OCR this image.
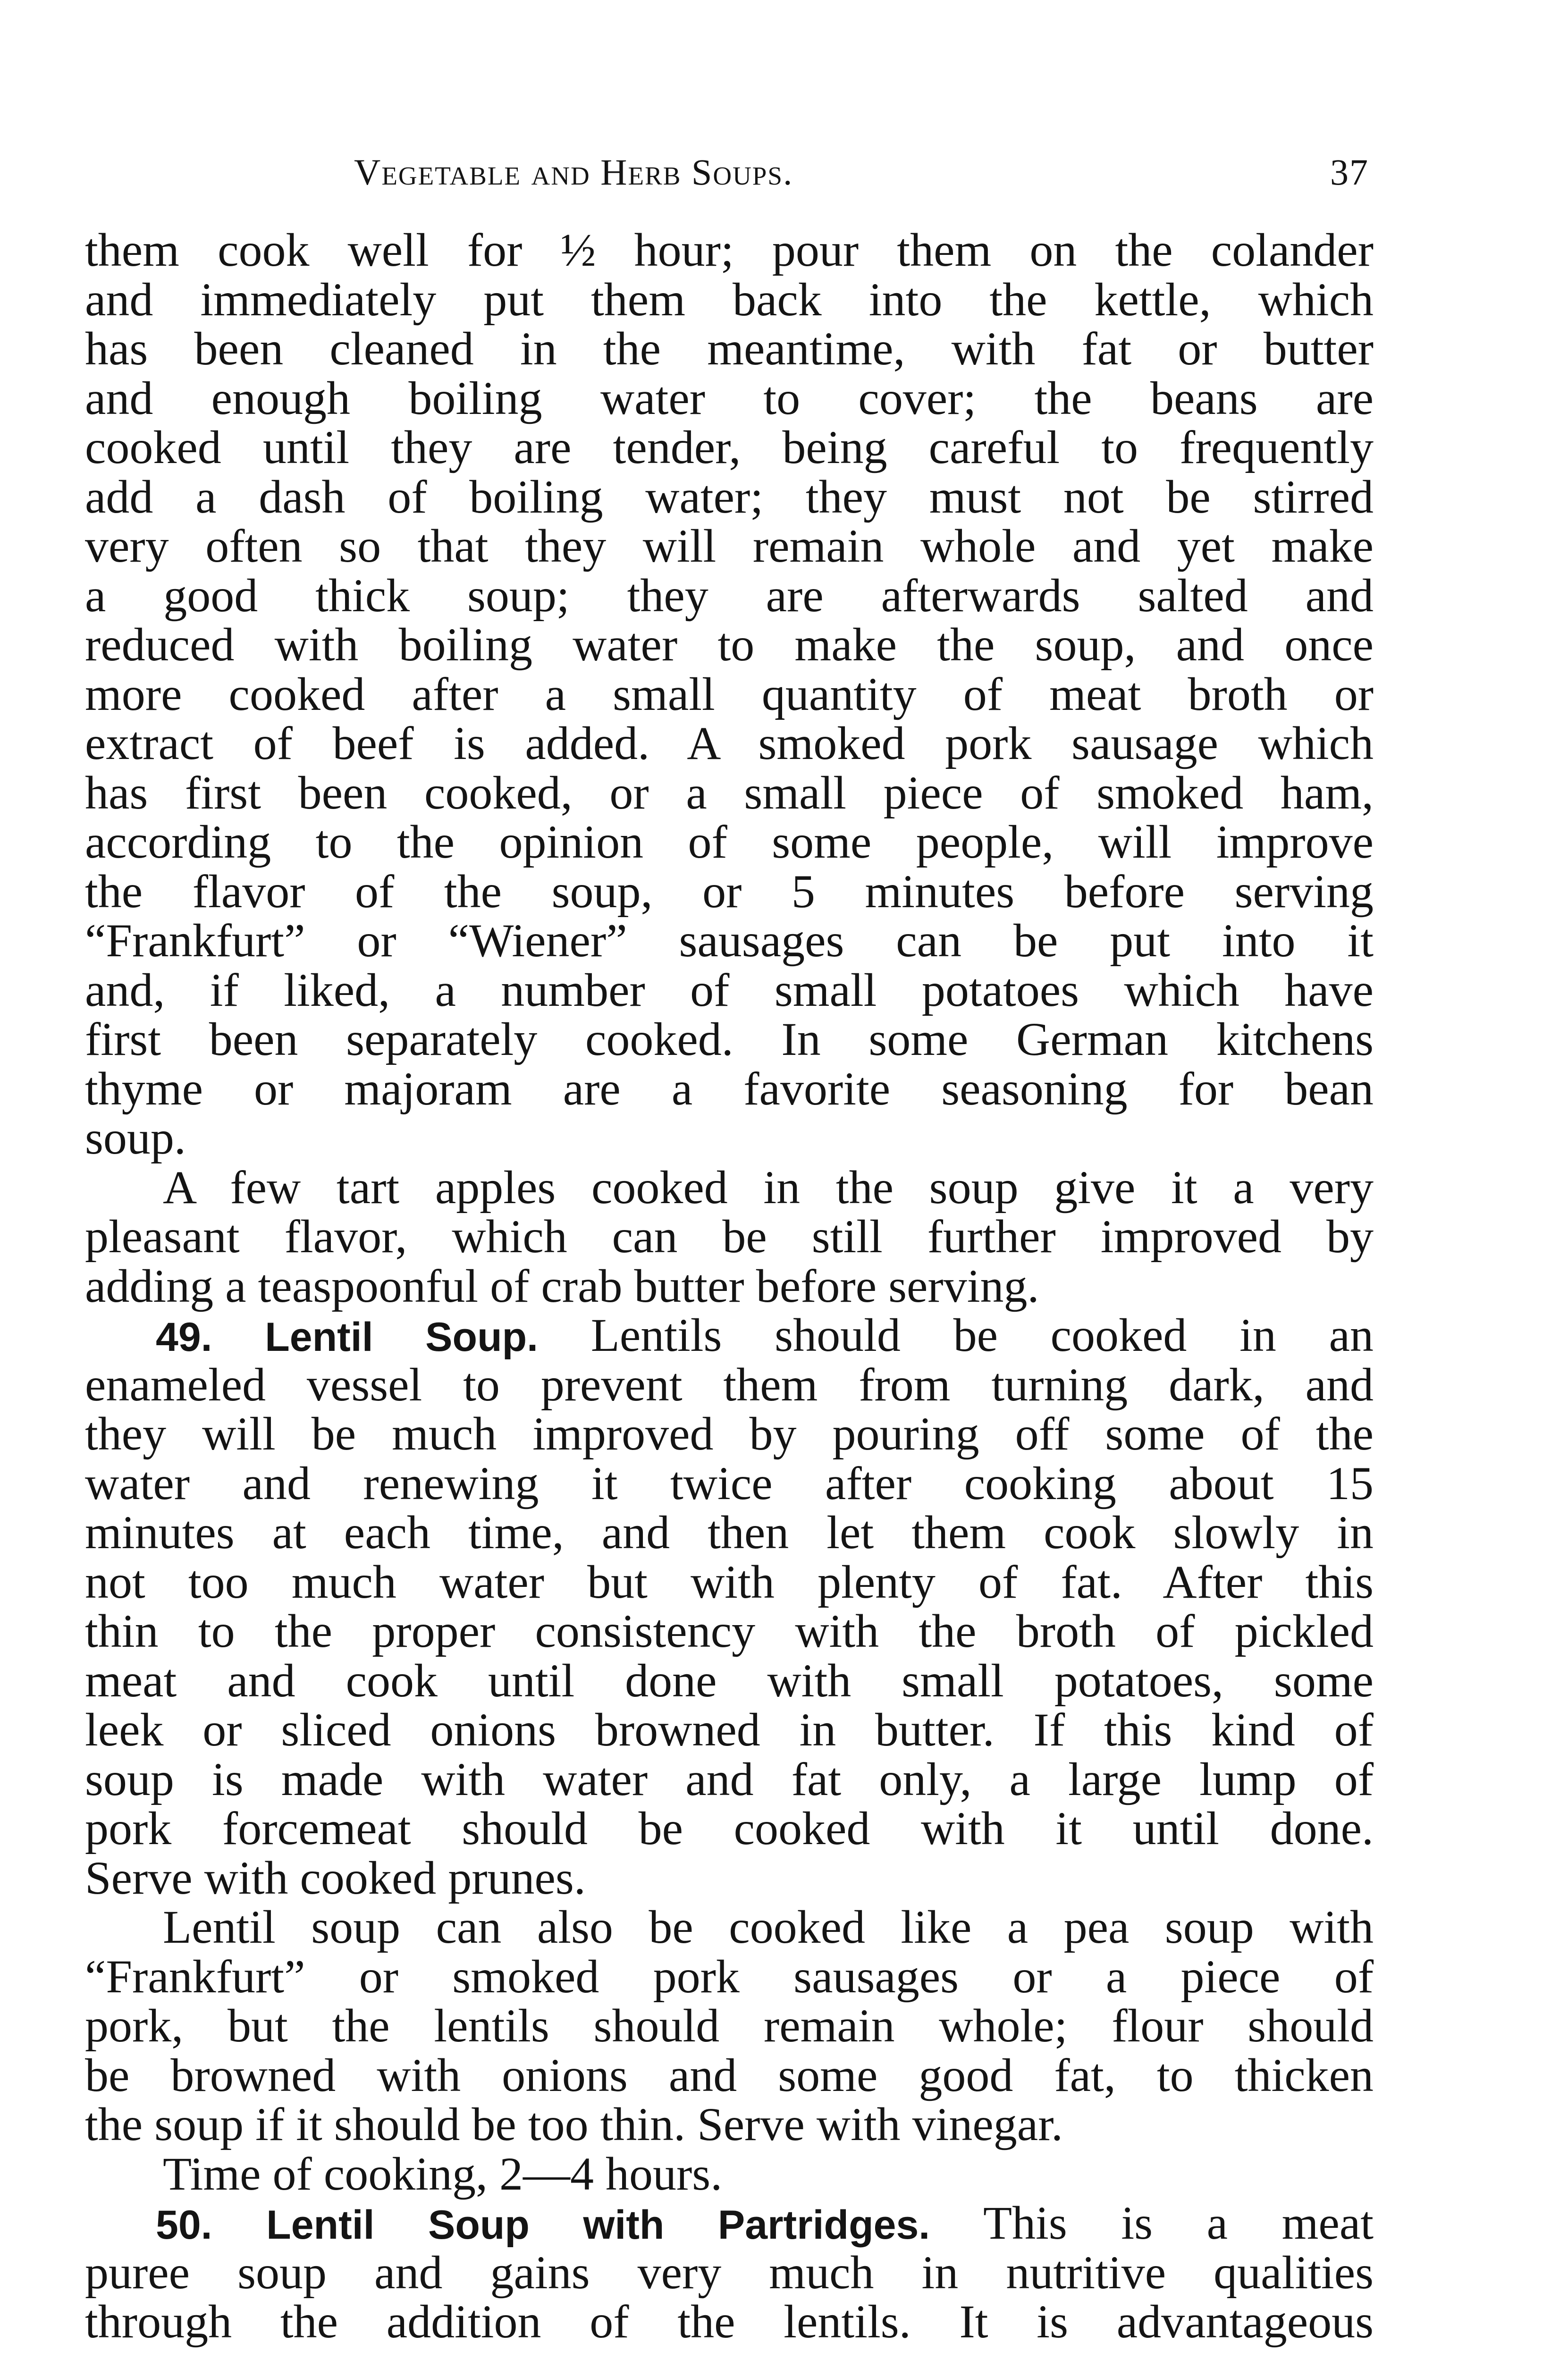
Vegetable and Herb Soups.	37
them cook well for ½ hour; pour them on the colander
and immediately put them back into the kettle, which
has been cleaned in the meantime, with fat or butter
and enough boiling water to cover; the beans are
cooked until they are tender, being careful to frequently
add a dash of boiling water; they must not be stirred
very often so that they will remain whole and yet make
a good thick soup; they are afterwards salted and
reduced with boiling water to make the soup, and once
more cooked after a small quantity of meat broth or
extract of beef is added. A smoked pork sausage which
has first been cooked, or a small piece of smoked ham,
according to the opinion of some people, will improve
the flavor of the soup, or 5 minutes before serving
“Frankfurt” or “Wiener” sausages can be put into it
and, if liked, a number of small potatoes which have
first been separately cooked. In some German kitchens
thyme or majoram are a favorite seasoning for bean
soup.
A few tart apples cooked in the soup give it a very
pleasant flavor, which can be still further improved by
adding a teaspoonful of crab butter before serving.
49. Lentil Soup. Lentils should be cooked in an
enameled vessel to prevent them from turning dark, and
they will be much improved by pouring off some of the
water and renewing it twice after cooking about 15
minutes at each time, and then let them cook slowly in
not too much water but with plenty of fat. After this
thin to the proper consistency with the broth of pickled
meat and cook until done with small potatoes, some
leek or sliced onions browned in butter. If this kind of
soup is made with water and fat only, a large lump of
pork forcemeat should be cooked with it until done.
Serve with cooked prunes.
Lentil soup can also be cooked like a pea soup with
“Frankfurt” or smoked pork sausages or a piece of
pork, but the lentils should remain whole; flour should
be browned with onions and some good fat, to thicken
the soup if it should be too thin. Serve with vinegar.
Time of cooking, 2—4 hours.
50. Lentil Soup with Partridges. This is a meat
puree soup and gains very much in nutritive qualities
through the addition of the lentils. It is advantageous
